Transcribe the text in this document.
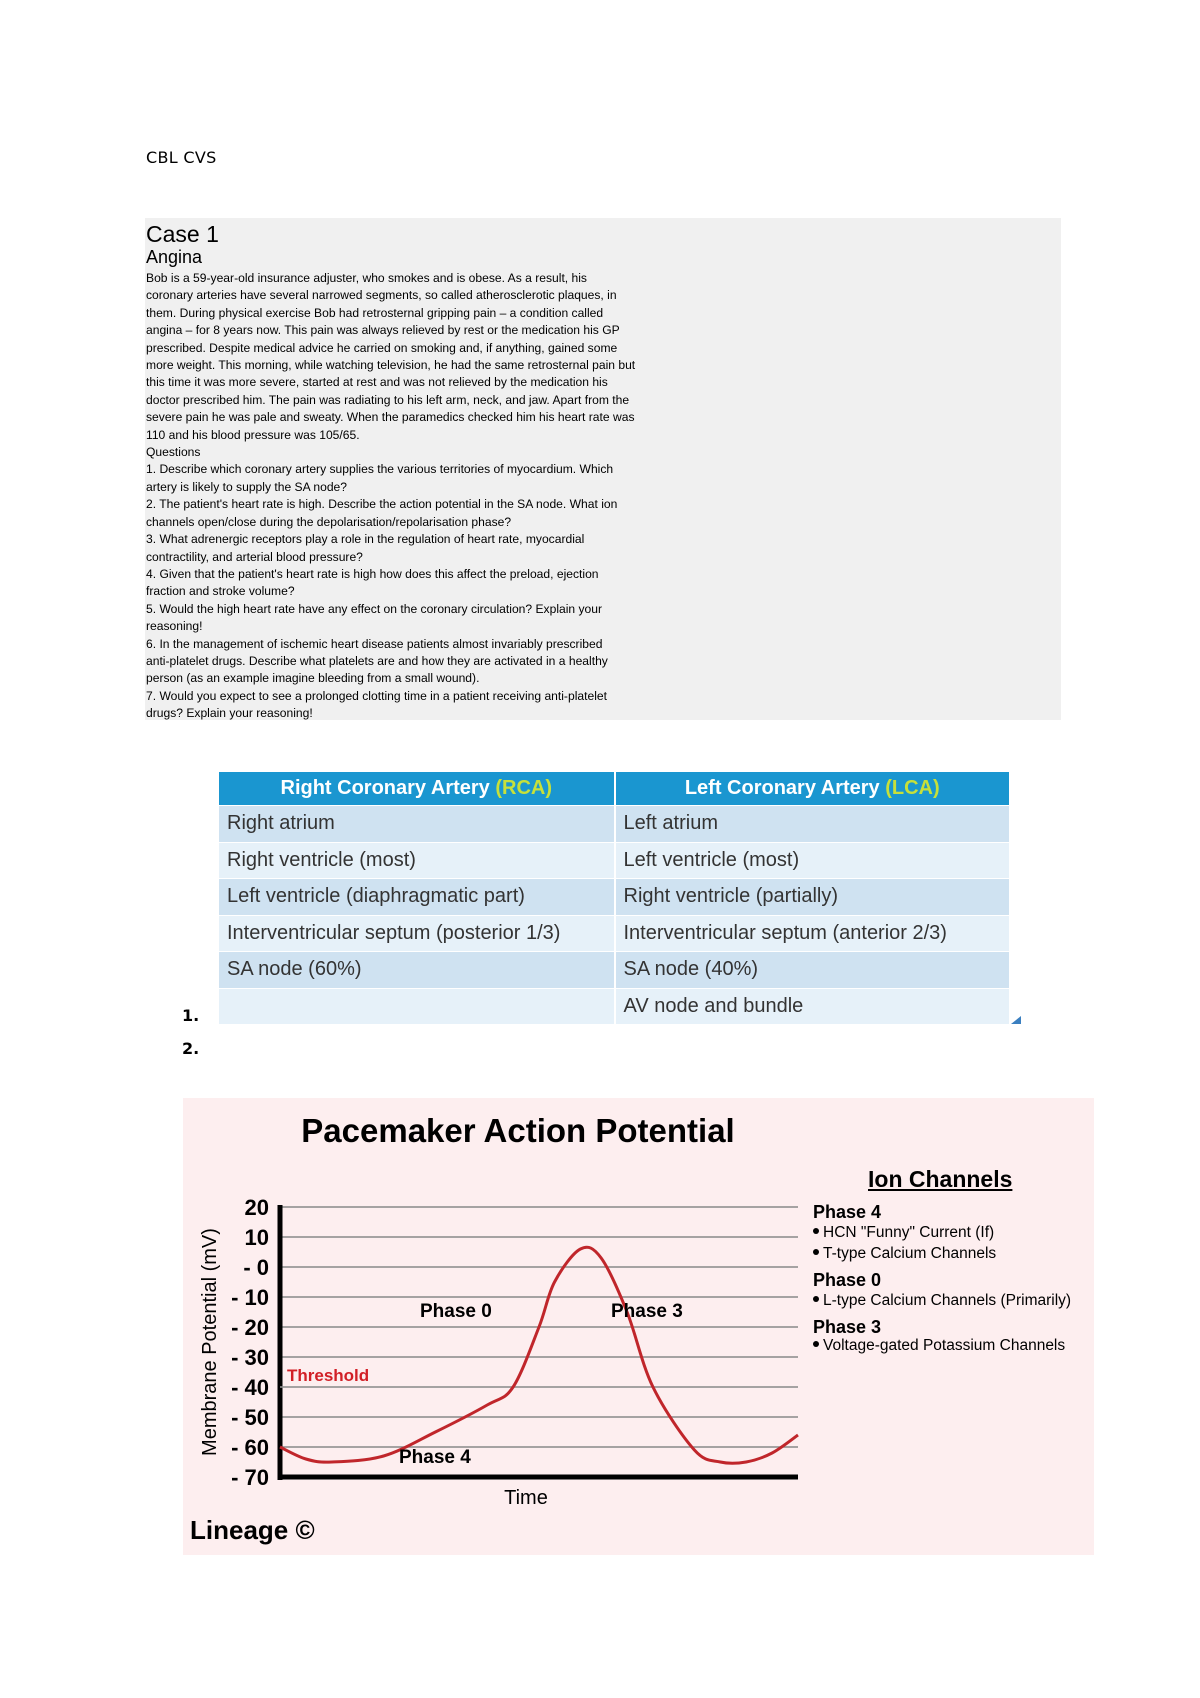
CBL CVS
Case 1
Angina

Bob is a 59-year-old insurance adjuster, who smokes and is obese. As a result, his

coronary arteries have several narrowed segments, so called atherosclerotic plaques, in

them. During physical exercise Bob had retrosternal gripping pain – a condition called

angina – for 8 years now. This pain was always relieved by rest or the medication his GP

prescribed. Despite medical advice he carried on smoking and, if anything, gained some

more weight. This morning, while watching television, he had the same retrosternal pain but

this time it was more severe, started at rest and was not relieved by the medication his

doctor prescribed him. The pain was radiating to his left arm, neck, and jaw. Apart from the

severe pain he was pale and sweaty. When the paramedics checked him his heart rate was

110 and his blood pressure was 105/65.

Questions

1. Describe which coronary artery supplies the various territories of myocardium. Which

artery is likely to supply the SA node?

2. The patient's heart rate is high. Describe the action potential in the SA node. What ion

channels open/close during the depolarisation/repolarisation phase?

3. What adrenergic receptors play a role in the regulation of heart rate, myocardial

contractility, and arterial blood pressure?

4. Given that the patient's heart rate is high how does this affect the preload, ejection

fraction and stroke volume?

5. Would the high heart rate have any effect on the coronary circulation? Explain your

reasoning!

6. In the management of ischemic heart disease patients almost invariably prescribed

anti-platelet drugs. Describe what platelets are and how they are activated in a healthy

person (as an example imagine bleeding from a small wound).

7. Would you expect to see a prolonged clotting time in a patient receiving anti-platelet

drugs? Explain your reasoning!

Right Coronary Artery (RCA)	Left Coronary Artery (LCA)
Right atrium	Left atrium
Right ventricle (most)	Left ventricle (most)
Left ventricle (diaphragmatic part)	Right ventricle (partially)
Interventricular septum (posterior 1/3)	Interventricular septum (anterior 2/3)
SA node (60%)	SA node (40%)
	AV node and bundle
1.
2.
Pacemaker Action Potential
20
10
- 0
- 10
- 20
- 30
- 40
- 50
- 60
- 70
Threshold
Phase 0	Phase 3
Phase 4
Time
Membrane Potential (mV)
Ion Channels
Phase 4
HCN "Funny" Current (If)
T-type Calcium Channels
Phase 0
L-type Calcium Channels (Primarily)
Phase 3
Voltage-gated Potassium Channels
Lineage ©
